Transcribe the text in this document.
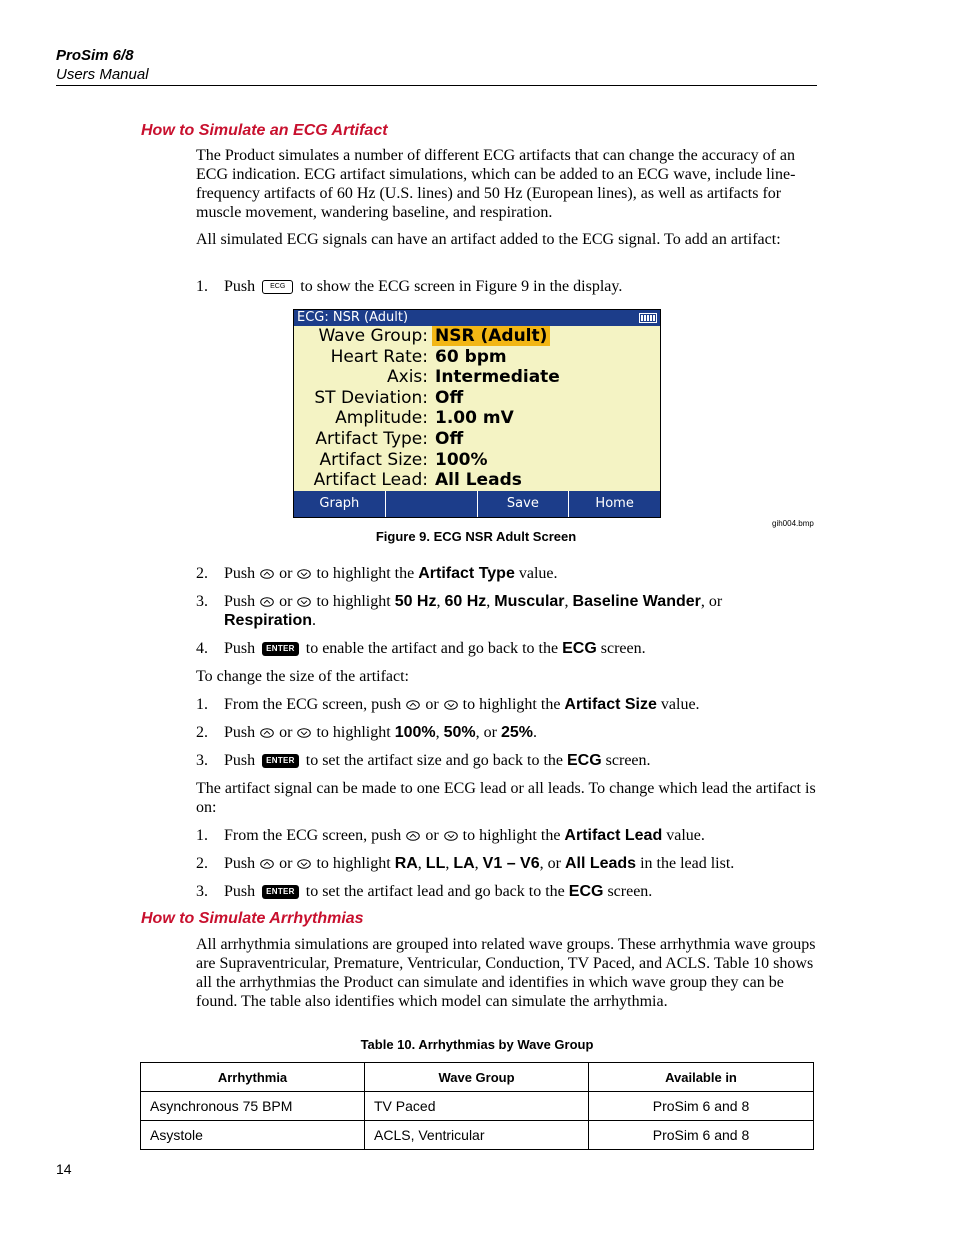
ProSim 6/8
Users Manual
How to Simulate an ECG Artifact
The Product simulates a number of different ECG artifacts that can change the accuracy of an ECG indication. ECG artifact simulations, which can be added to an ECG wave, include line-frequency artifacts of 60 Hz (U.S. lines) and 50 Hz (European lines), as well as artifacts for muscle movement, wandering baseline, and respiration.
All simulated ECG signals can have an artifact added to the ECG signal. To add an artifact:
1. Push ECG to show the ECG screen in Figure 9 in the display.
ECG: NSR (Adult)
Wave Group: NSR (Adult)
Heart Rate: 60 bpm
Axis: Intermediate
ST Deviation: Off
Amplitude: 1.00 mV
Artifact Type: Off
Artifact Size: 100%
Artifact Lead: All Leads
Graph	Save	Home
gih004.bmp
Figure 9. ECG NSR Adult Screen
2. Push or to highlight the Artifact Type value.
3. Push or to highlight 50 Hz, 60 Hz, Muscular, Baseline Wander, or
Respiration.
4. Push ENTER to enable the artifact and go back to the ECG screen.
To change the size of the artifact:
1. From the ECG screen, push or to highlight the Artifact Size value.
2. Push or to highlight 100%, 50%, or 25%.
3. Push ENTER to set the artifact size and go back to the ECG screen.
The artifact signal can be made to one ECG lead or all leads. To change which lead the artifact is on:
1. From the ECG screen, push or to highlight the Artifact Lead value.
2. Push or to highlight RA, LL, LA, V1 – V6, or All Leads in the lead list.
3. Push ENTER to set the artifact lead and go back to the ECG screen.
How to Simulate Arrhythmias
All arrhythmia simulations are grouped into related wave groups. These arrhythmia wave groups are Supraventricular, Premature, Ventricular, Conduction, TV Paced, and ACLS. Table 10 shows all the arrhythmias the Product can simulate and identifies in which wave group they can be found. The table also identifies which model can simulate the arrhythmia.
Table 10. Arrhythmias by Wave Group
Arrhythmia	Wave Group	Available in
Asynchronous 75 BPM	TV Paced	ProSim 6 and 8
Asystole	ACLS, Ventricular	ProSim 6 and 8
14
